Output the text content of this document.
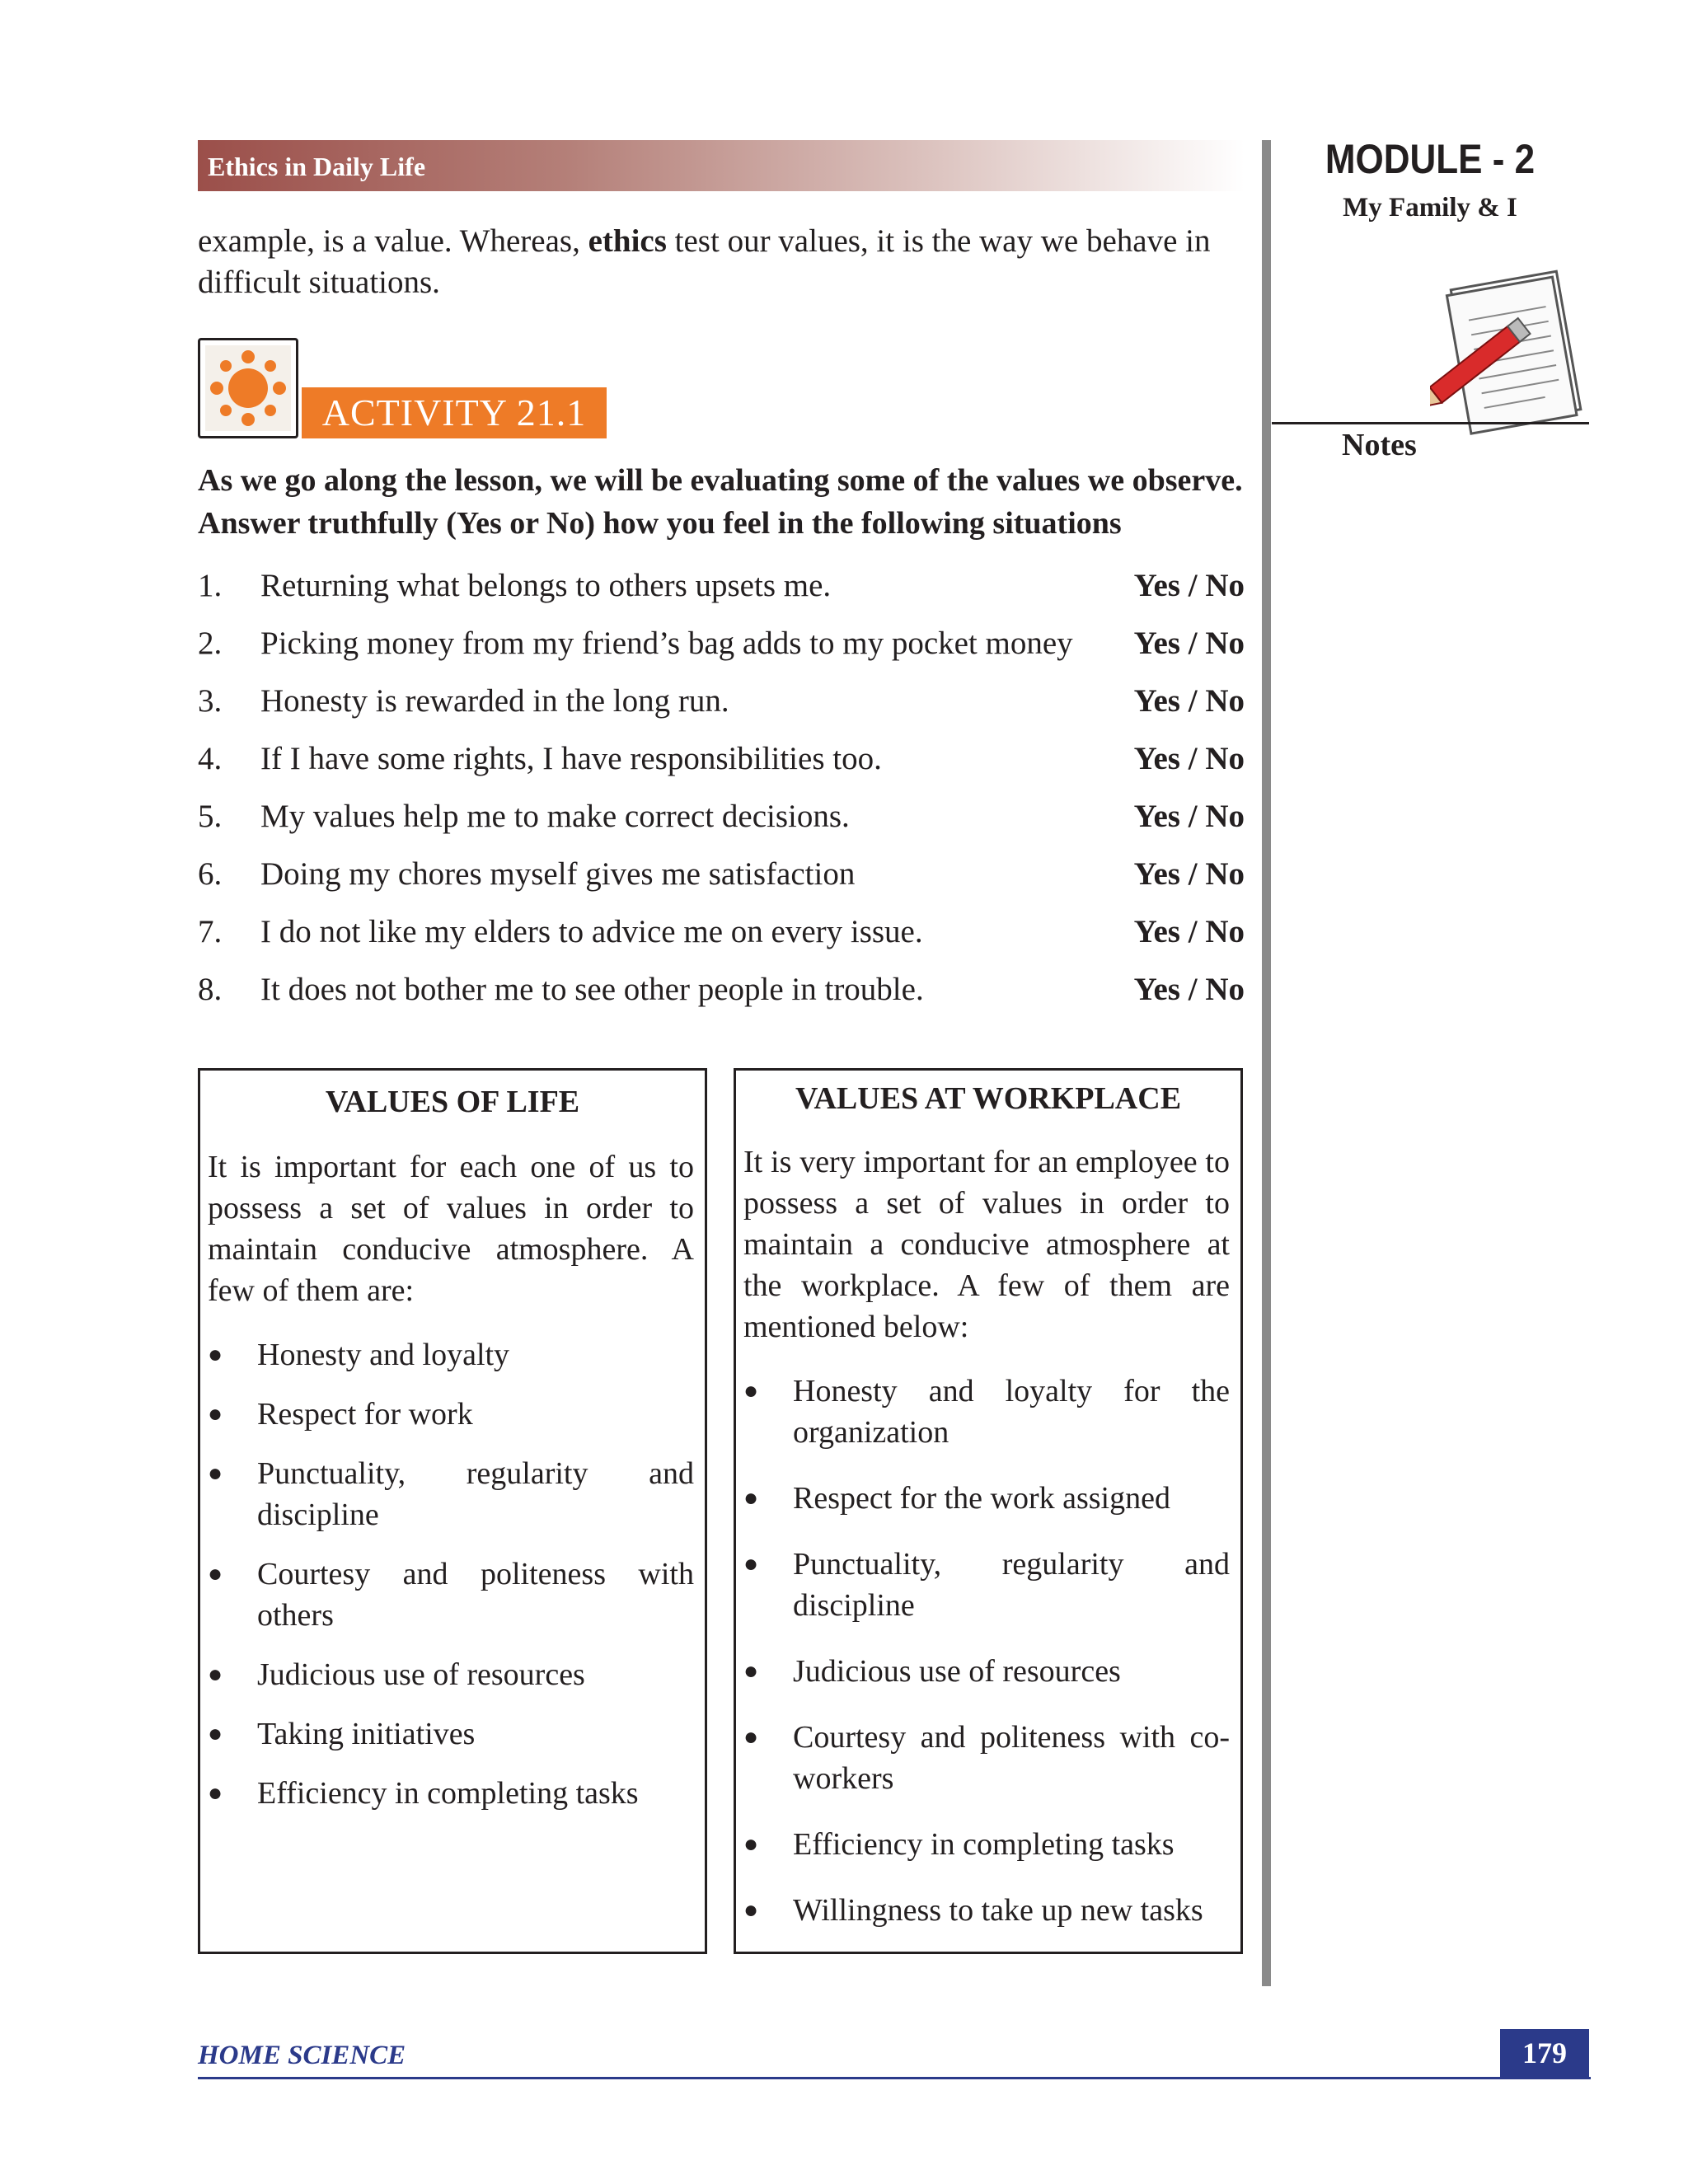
Ethics in Daily Life	MODULE - 2
My Family & I
Notes

example, is a value. Whereas, ethics test our values, it is the way we behave in

difficult situations.

ACTIVITY 21.1
As we go along the lesson, we will be evaluating some of the values we observe.
Answer truthfully (Yes or No) how you feel in the following situations
1. Returning what belongs to others upsets me.	Yes / No
2. Picking money from my friend’s bag adds to my pocket money Yes / No
3. Honesty is rewarded in the long run.	Yes / No
4. If I have some rights, I have responsibilities too.	Yes / No
5. My values help me to make correct decisions.	Yes / No
6. Doing my chores myself gives me satisfaction	Yes / No
7. I do not like my elders to advice me on every issue.	Yes / No
8. It does not bother me to see other people in trouble.	Yes / No
VALUES OF LIFE
It is important for each one of us to possess a set of values in order to maintain conducive atmosphere. A few of them are:
● Honesty and loyalty
● Respect for work
● Punctuality, regularity and discipline
● Courtesy and politeness with others
● Judicious use of resources
● Taking initiatives
● Efficiency in completing tasks
VALUES AT WORKPLACE
It is very important for an employee to possess a set of values in order to maintain a conducive atmosphere at the workplace. A few of them are mentioned below:
● Honesty and loyalty for the organization
● Respect for the work assigned
● Punctuality, regularity and discipline
● Judicious use of resources
● Courtesy and politeness with co-workers
● Efficiency in completing tasks
● Willingness to take up new tasks
HOME SCIENCE	179
